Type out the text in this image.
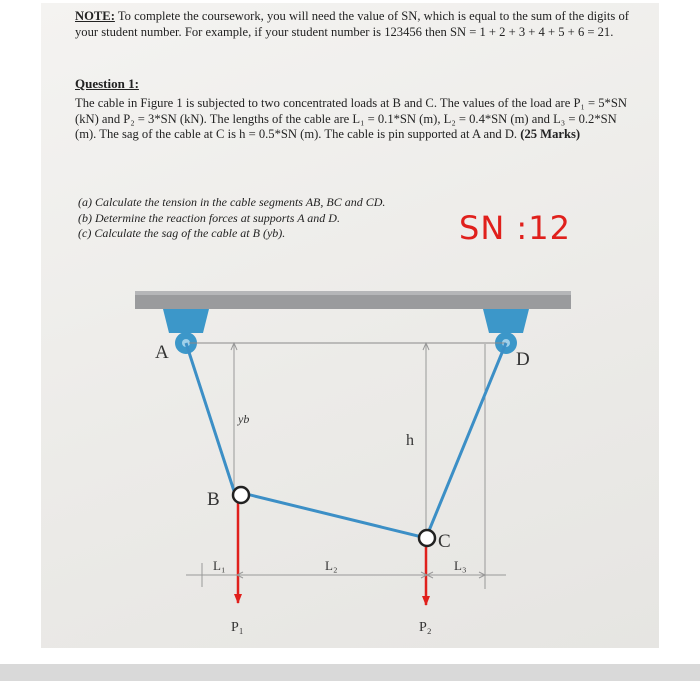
NOTE: To complete the coursework, you will need the value of SN, which is equal to the sum of the digits of your student number. For example, if your student number is 123456 then SN = 1 + 2 + 3 + 4 + 5 + 6 = 21.
Question 1:
The cable in Figure 1 is subjected to two concentrated loads at B and C. The values of the load are P₁ = 5*SN (kN) and P₂ = 3*SN (kN). The lengths of the cable are L₁ = 0.1*SN (m), L₂ = 0.4*SN (m) and L₃ = 0.2*SN (m). The sag of the cable at C is h = 0.5*SN (m). The cable is pin supported at A and D. (25 Marks)
(a) Calculate the tension in the cable segments AB, BC and CD.
(b) Determine the reaction forces at supports A and D.
(c) Calculate the sag of the cable at B (yb).	SN :12
A	D
B
C
yb
h
L₁	L₂	L₃
P₁	P₂
